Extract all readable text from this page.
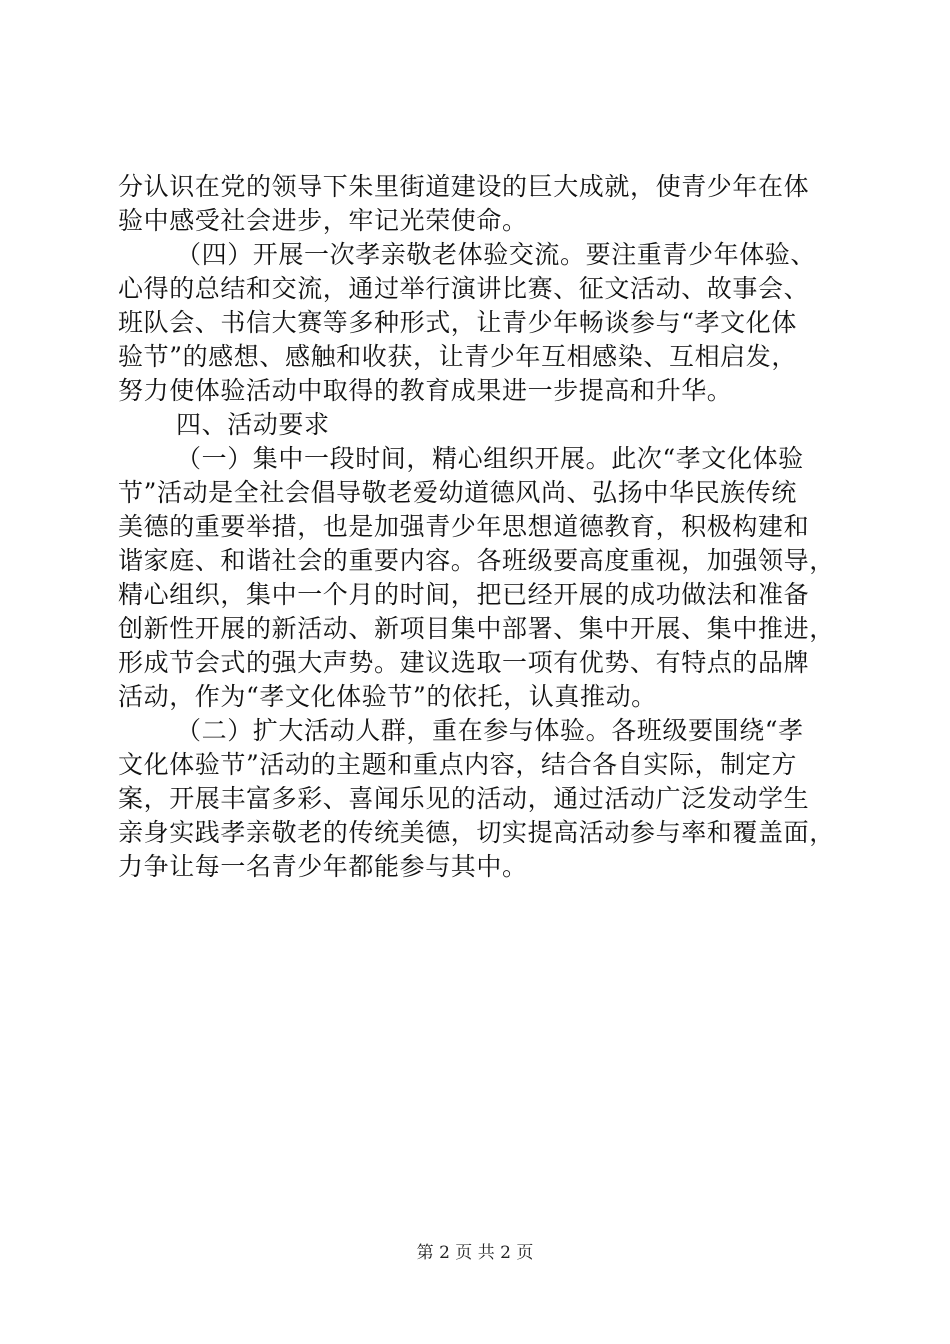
分认识在党的领导下朱里街道建设的巨大成就，使青少年在体
验中感受社会进步，牢记光荣使命。
（四）开展一次孝亲敬老体验交流。要注重青少年体验、
心得的总结和交流，通过举行演讲比赛、征文活动、故事会、
班队会、书信大赛等多种形式，让青少年畅谈参与“孝文化体
验节”的感想、感触和收获，让青少年互相感染、互相启发，
努力使体验活动中取得的教育成果进一步提高和升华。
四、活动要求
（一）集中一段时间，精心组织开展。此次“孝文化体验
节”活动是全社会倡导敬老爱幼道德风尚、弘扬中华民族传统
美德的重要举措，也是加强青少年思想道德教育，积极构建和
谐家庭、和谐社会的重要内容。各班级要高度重视，加强领导，
精心组织，集中一个月的时间，把已经开展的成功做法和准备
创新性开展的新活动、新项目集中部署、集中开展、集中推进，
形成节会式的强大声势。建议选取一项有优势、有特点的品牌
活动，作为“孝文化体验节”的依托，认真推动。
（二）扩大活动人群，重在参与体验。各班级要围绕“孝
文化体验节”活动的主题和重点内容，结合各自实际，制定方
案，开展丰富多彩、喜闻乐见的活动，通过活动广泛发动学生
亲身实践孝亲敬老的传统美德，切实提高活动参与率和覆盖面，
力争让每一名青少年都能参与其中。
第 2 页 共 2 页
